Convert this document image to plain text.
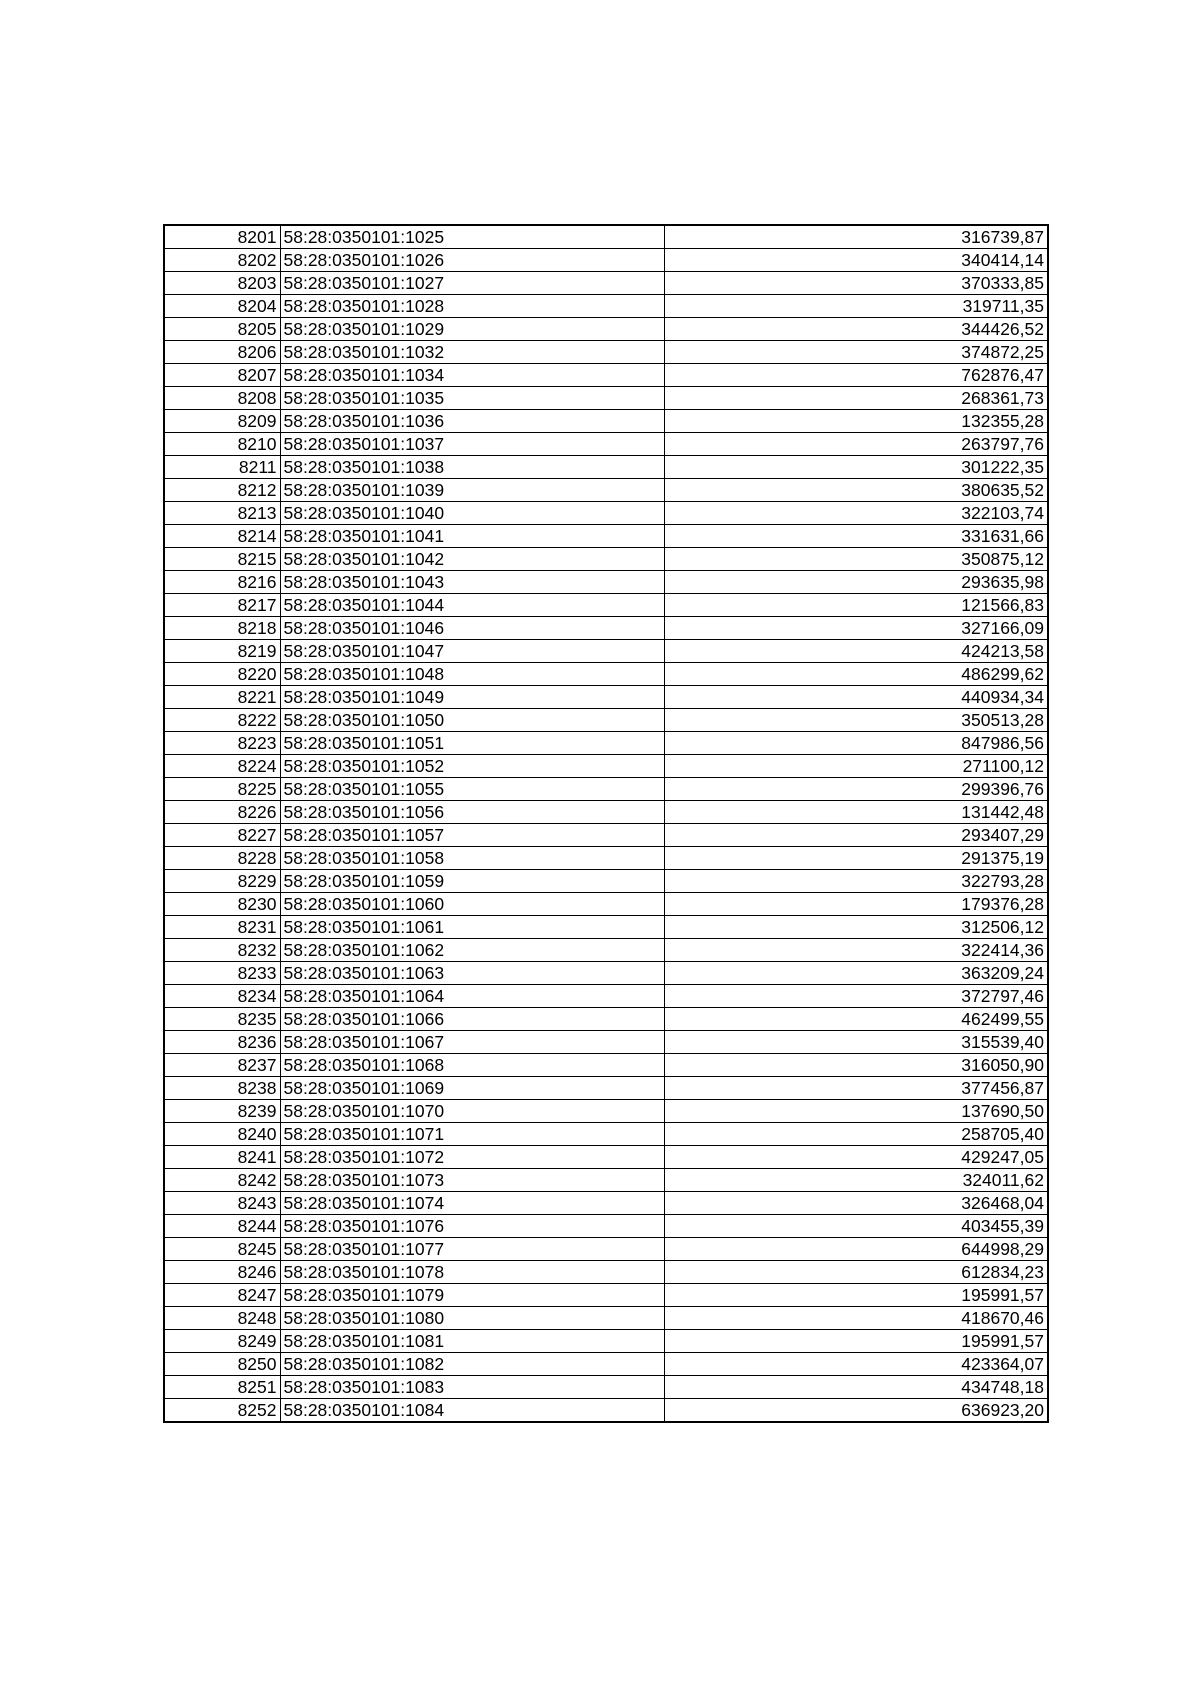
8201	58:28:0350101:1025	316739,87
8202	58:28:0350101:1026	340414,14
8203	58:28:0350101:1027	370333,85
8204	58:28:0350101:1028	319711,35
8205	58:28:0350101:1029	344426,52
8206	58:28:0350101:1032	374872,25
8207	58:28:0350101:1034	762876,47
8208	58:28:0350101:1035	268361,73
8209	58:28:0350101:1036	132355,28
8210	58:28:0350101:1037	263797,76
8211	58:28:0350101:1038	301222,35
8212	58:28:0350101:1039	380635,52
8213	58:28:0350101:1040	322103,74
8214	58:28:0350101:1041	331631,66
8215	58:28:0350101:1042	350875,12
8216	58:28:0350101:1043	293635,98
8217	58:28:0350101:1044	121566,83
8218	58:28:0350101:1046	327166,09
8219	58:28:0350101:1047	424213,58
8220	58:28:0350101:1048	486299,62
8221	58:28:0350101:1049	440934,34
8222	58:28:0350101:1050	350513,28
8223	58:28:0350101:1051	847986,56
8224	58:28:0350101:1052	271100,12
8225	58:28:0350101:1055	299396,76
8226	58:28:0350101:1056	131442,48
8227	58:28:0350101:1057	293407,29
8228	58:28:0350101:1058	291375,19
8229	58:28:0350101:1059	322793,28
8230	58:28:0350101:1060	179376,28
8231	58:28:0350101:1061	312506,12
8232	58:28:0350101:1062	322414,36
8233	58:28:0350101:1063	363209,24
8234	58:28:0350101:1064	372797,46
8235	58:28:0350101:1066	462499,55
8236	58:28:0350101:1067	315539,40
8237	58:28:0350101:1068	316050,90
8238	58:28:0350101:1069	377456,87
8239	58:28:0350101:1070	137690,50
8240	58:28:0350101:1071	258705,40
8241	58:28:0350101:1072	429247,05
8242	58:28:0350101:1073	324011,62
8243	58:28:0350101:1074	326468,04
8244	58:28:0350101:1076	403455,39
8245	58:28:0350101:1077	644998,29
8246	58:28:0350101:1078	612834,23
8247	58:28:0350101:1079	195991,57
8248	58:28:0350101:1080	418670,46
8249	58:28:0350101:1081	195991,57
8250	58:28:0350101:1082	423364,07
8251	58:28:0350101:1083	434748,18
8252	58:28:0350101:1084	636923,20
